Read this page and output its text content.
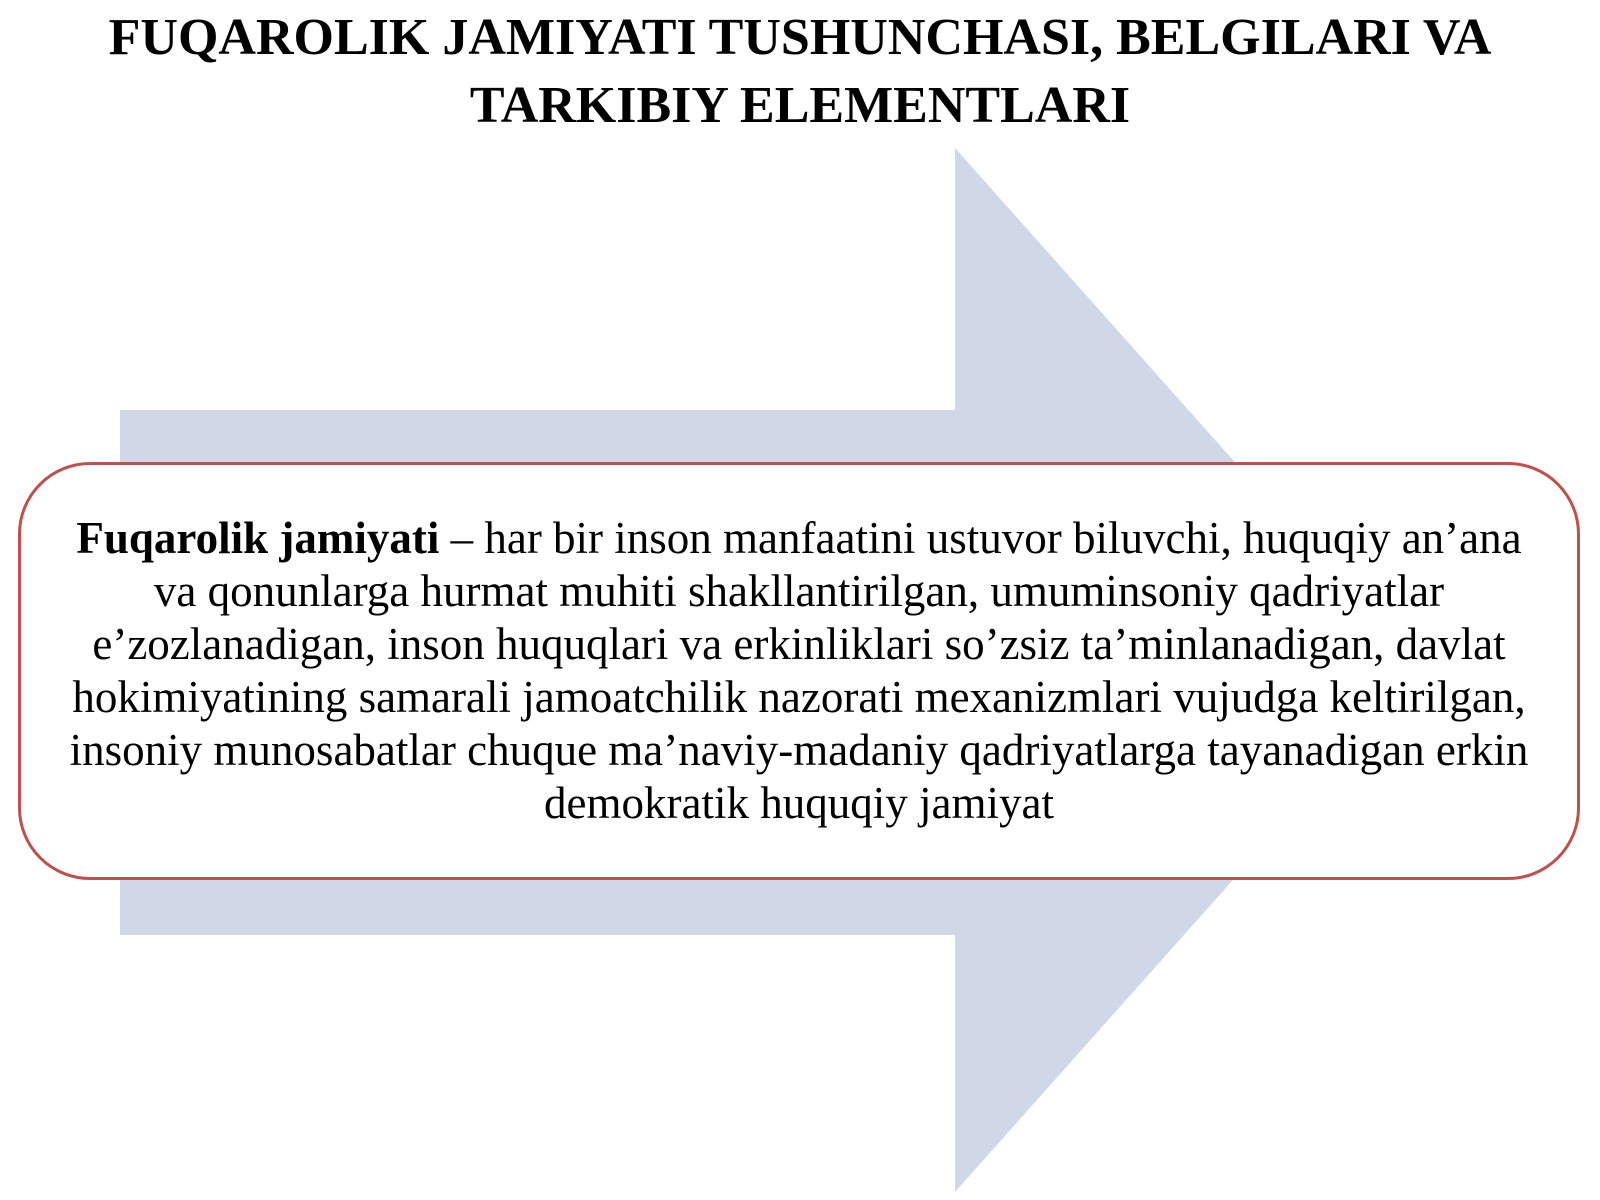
FUQAROLIK JAMIYATI TUSHUNCHASI, BELGILARI VA TARKIBIY ELEMENTLARI

Fuqarolik jamiyati – har bir inson manfaatini ustuvor biluvchi, huquqiy an’ana va qonunlarga hurmat muhiti shakllantirilgan, umuminsoniy qadriyatlar e’zozlanadigan, inson huquqlari va erkinliklari so’zsiz ta’minlanadigan, davlat hokimiyatining samarali jamoatchilik nazorati mexanizmlari vujudga keltirilgan, insoniy munosabatlar chuque ma’naviy-madaniy qadriyatlarga tayanadigan erkin demokratik huquqiy jamiyat
